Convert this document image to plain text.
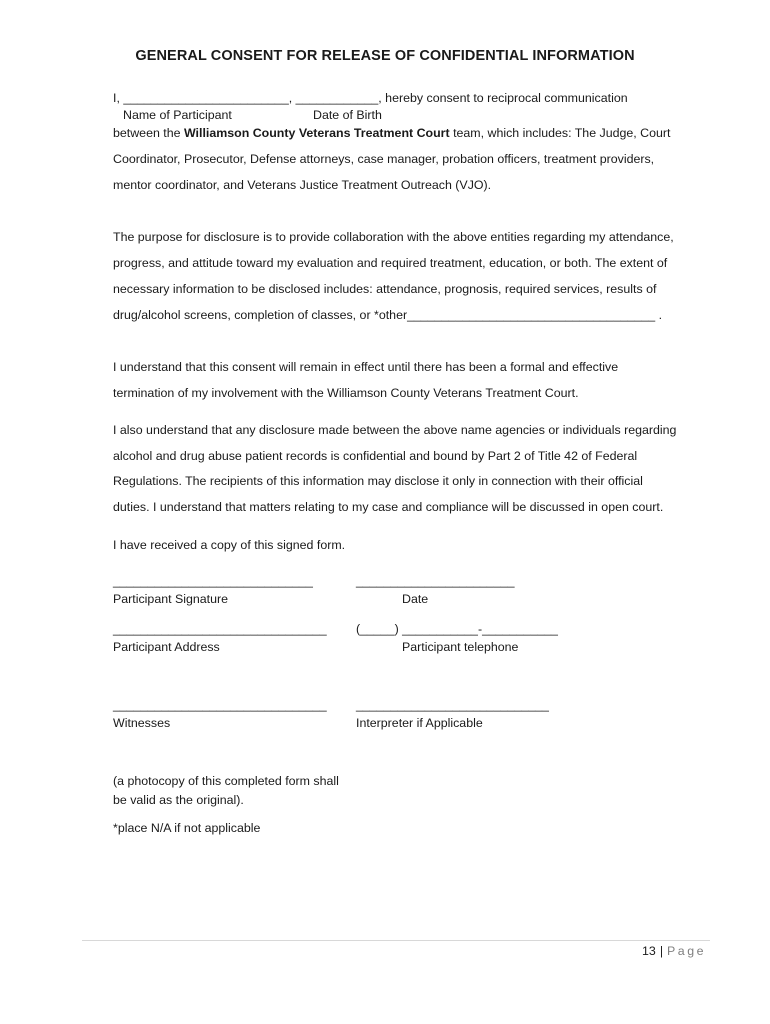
GENERAL CONSENT FOR RELEASE OF CONFIDENTIAL INFORMATION
I, ________________________, ____________, hereby consent to reciprocal communication
Name of Participant	Date of Birth
between the Williamson County Veterans Treatment Court team, which includes: The Judge, Court
Coordinator, Prosecutor, Defense attorneys, case manager, probation officers, treatment providers,
mentor coordinator, and Veterans Justice Treatment Outreach (VJO).
The purpose for disclosure is to provide collaboration with the above entities regarding my attendance,
progress, and attitude toward my evaluation and required treatment, education, or both. The extent of
necessary information to be disclosed includes: attendance, prognosis, required services, results of
drug/alcohol screens, completion of classes, or *other____________________________________ .
I understand that this consent will remain in effect until there has been a formal and effective
termination of my involvement with the Williamson County Veterans Treatment Court.
I also understand that any disclosure made between the above name agencies or individuals regarding
alcohol and drug abuse patient records is confidential and bound by Part 2 of Title 42 of Federal
Regulations. The recipients of this information may disclose it only in connection with their official
duties. I understand that matters relating to my case and compliance will be discussed in open court.
I have received a copy of this signed form.
_____________________________	_______________________
Participant Signature	Date
_______________________________ (_____) ___________-___________
Participant Address	Participant telephone
_______________________________ ____________________________
Witnesses	Interpreter if Applicable
(a photocopy of this completed form shall
be valid as the original).
*place N/A if not applicable
13 | Page
